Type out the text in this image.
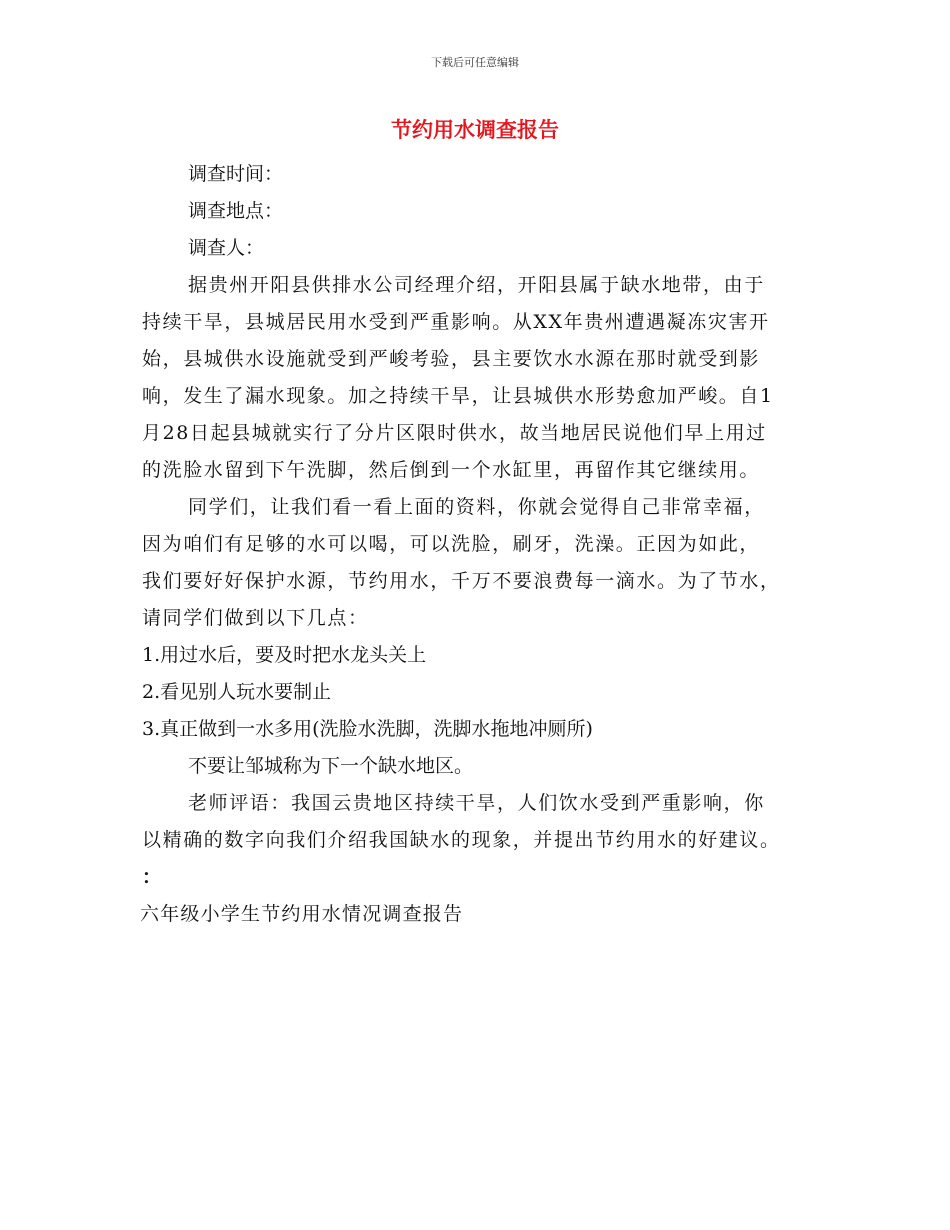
下载后可任意编辑
节约用水调查报告

调查时间：

调查地点：

调查人：

据贵州开阳县供排水公司经理介绍，开阳县属于缺水地带，由于

持续干旱，县城居民用水受到严重影响。从XX年贵州遭遇凝冻灾害开

始，县城供水设施就受到严峻考验，县主要饮水水源在那时就受到影

响，发生了漏水现象。加之持续干旱，让县城供水形势愈加严峻。自1

月28日起县城就实行了分片区限时供水，故当地居民说他们早上用过

的洗脸水留到下午洗脚，然后倒到一个水缸里，再留作其它继续用。

同学们，让我们看一看上面的资料，你就会觉得自己非常幸福，

因为咱们有足够的水可以喝，可以洗脸，刷牙，洗澡。正因为如此，

我们要好好保护水源，节约用水，千万不要浪费每一滴水。为了节水，

请同学们做到以下几点：

1.用过水后，要及时把水龙头关上

2.看见别人玩水要制止

3.真正做到一水多用(洗脸水洗脚，洗脚水拖地冲厕所)

不要让邹城称为下一个缺水地区。

老师评语：我国云贵地区持续干旱，人们饮水受到严重影响，你

以精确的数字向我们介绍我国缺水的现象，并提出节约用水的好建议。

：

六年级小学生节约用水情况调查报告
